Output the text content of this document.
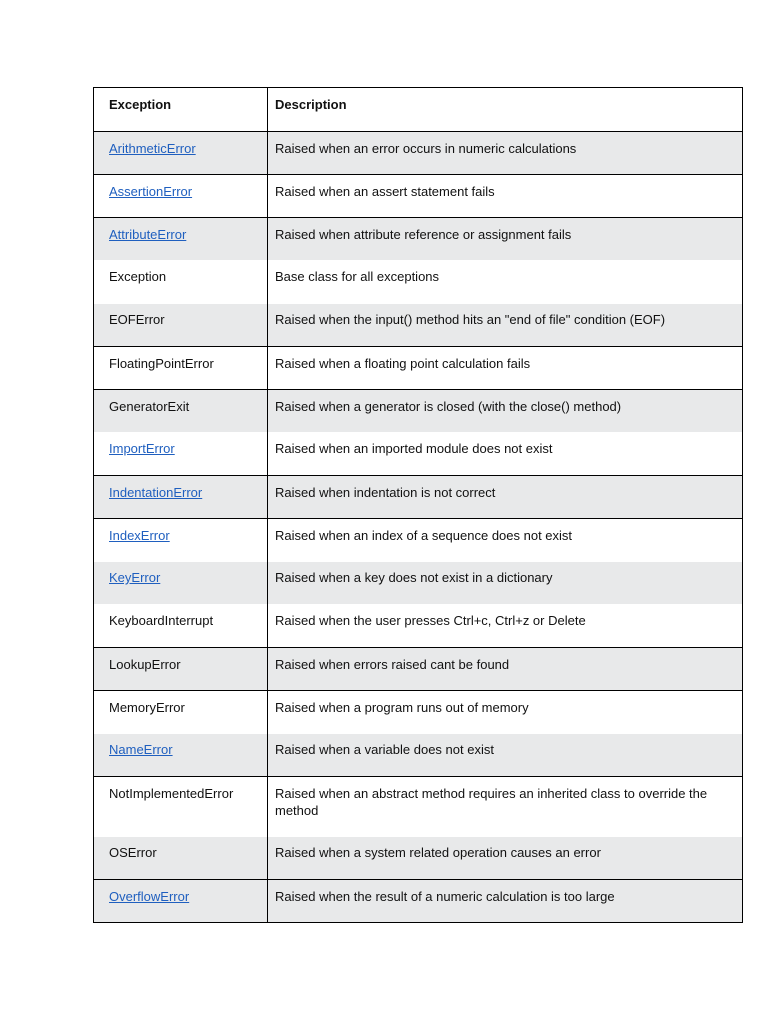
Exception	Description
ArithmeticError	Raised when an error occurs in numeric calculations
AssertionError	Raised when an assert statement fails
AttributeError	Raised when attribute reference or assignment fails
Exception	Base class for all exceptions
EOFError	Raised when the input() method hits an "end of file" condition (EOF)
FloatingPointError	Raised when a floating point calculation fails
GeneratorExit	Raised when a generator is closed (with the close() method)
ImportError	Raised when an imported module does not exist
IndentationError	Raised when indentation is not correct
IndexError	Raised when an index of a sequence does not exist
KeyError	Raised when a key does not exist in a dictionary
KeyboardInterrupt	Raised when the user presses Ctrl+c, Ctrl+z or Delete
LookupError	Raised when errors raised cant be found
MemoryError	Raised when a program runs out of memory
NameError	Raised when a variable does not exist
NotImplementedError	Raised when an abstract method requires an inherited class to override the method
OSError	Raised when a system related operation causes an error
OverflowError	Raised when the result of a numeric calculation is too large
